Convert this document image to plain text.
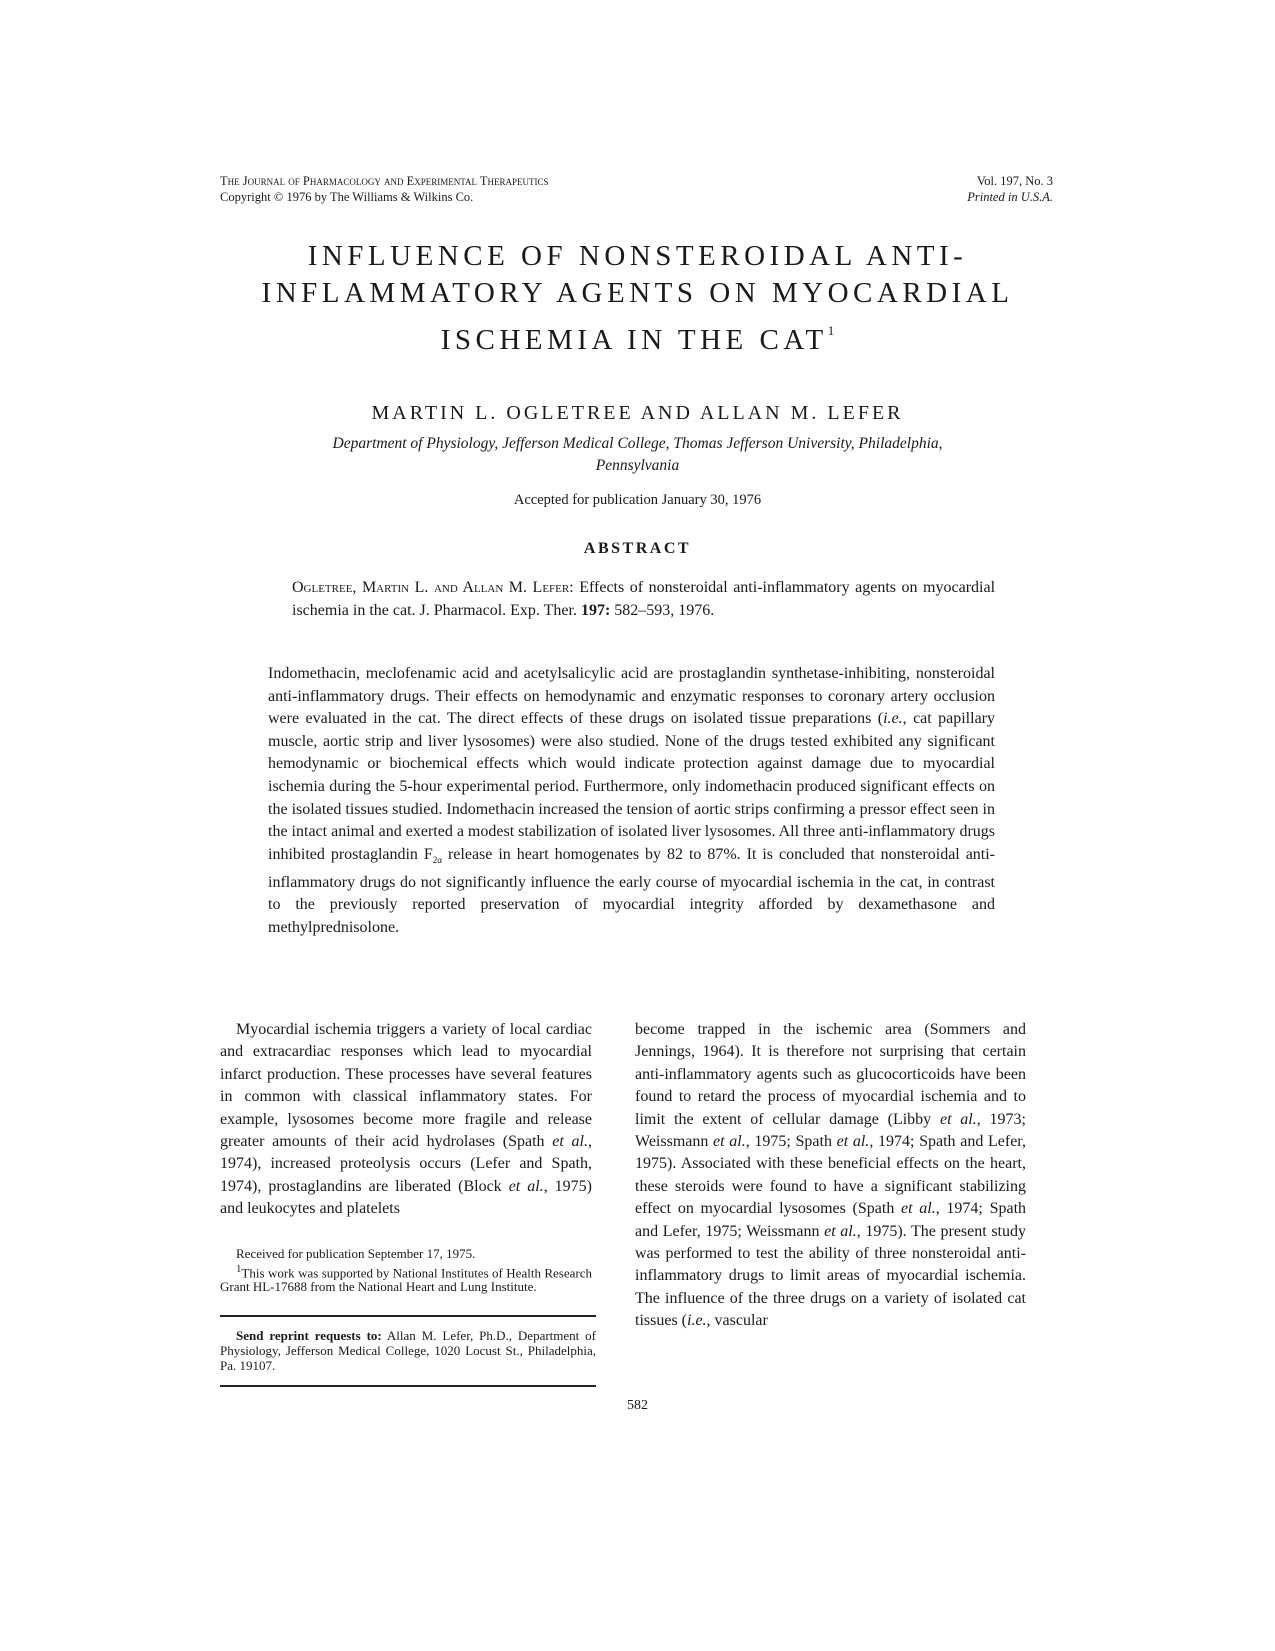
The Journal of Pharmacology and Experimental Therapeutics
Copyright © 1976 by The Williams & Wilkins Co.
Vol. 197, No. 3
Printed in U.S.A.
INFLUENCE OF NONSTEROIDAL ANTI-
INFLAMMATORY AGENTS ON MYOCARDIAL
ISCHEMIA IN THE CAT$^1$
MARTIN L. OGLETREE AND ALLAN M. LEFER
Department of Physiology, Jefferson Medical College, Thomas Jefferson University, Philadelphia,
Pennsylvania
Accepted for publication January 30, 1976
ABSTRACT
Ogletree, Martin L. and Allan M. Lefer: Effects of nonsteroidal anti-inflammatory agents on myocardial ischemia in the cat. J. Pharmacol. Exp. Ther. 197: 582–593, 1976.
Indomethacin, meclofenamic acid and acetylsalicylic acid are prostaglandin synthetase-inhibiting, nonsteroidal anti-inflammatory drugs. Their effects on hemodynamic and enzymatic responses to coronary artery occlusion were evaluated in the cat. The direct effects of these drugs on isolated tissue preparations (i.e., cat papillary muscle, aortic strip and liver lysosomes) were also studied. None of the drugs tested exhibited any significant hemodynamic or biochemical effects which would indicate protection against damage due to myocardial ischemia during the 5-hour experimental period. Furthermore, only indomethacin produced significant effects on the isolated tissues studied. Indomethacin increased the tension of aortic strips confirming a pressor effect seen in the intact animal and exerted a modest stabilization of isolated liver lysosomes. All three anti-inflammatory drugs inhibited prostaglandin $F_{2\alpha}$ release in heart homogenates by 82 to 87%. It is concluded that nonsteroidal anti-inflammatory drugs do not significantly influence the early course of myocardial ischemia in the cat, in contrast to the previously reported preservation of myocardial integrity afforded by dexamethasone and methylprednisolone.
Myocardial ischemia triggers a variety of local cardiac and extracardiac responses which lead to myocardial infarct production. These processes have several features in common with classical inflammatory states. For example, lysosomes become more fragile and release greater amounts of their acid hydrolases (Spath et al., 1974), increased proteolysis occurs (Lefer and Spath, 1974), prostaglandins are liberated (Block et al., 1975) and leukocytes and platelets

Received for publication September 17, 1975.

$^1$This work was supported by National Institutes of Health Research Grant HL-17688 from the National Heart and Lung Institute.

Send reprint requests to: Allan M. Lefer, Ph.D., Department of Physiology, Jefferson Medical College, 1020 Locust St., Philadelphia, Pa. 19107.
become trapped in the ischemic area (Sommers and Jennings, 1964). It is therefore not surprising that certain anti-inflammatory agents such as glucocorticoids have been found to retard the process of myocardial ischemia and to limit the extent of cellular damage (Libby et al., 1973; Weissmann et al., 1975; Spath et al., 1974; Spath and Lefer, 1975). Associated with these beneficial effects on the heart, these steroids were found to have a significant stabilizing effect on myocardial lysosomes (Spath et al., 1974; Spath and Lefer, 1975; Weissmann et al., 1975). The present study was performed to test the ability of three nonsteroidal anti-inflammatory drugs to limit areas of myocardial ischemia. The influence of the three drugs on a variety of isolated cat tissues (i.e., vascular
582
